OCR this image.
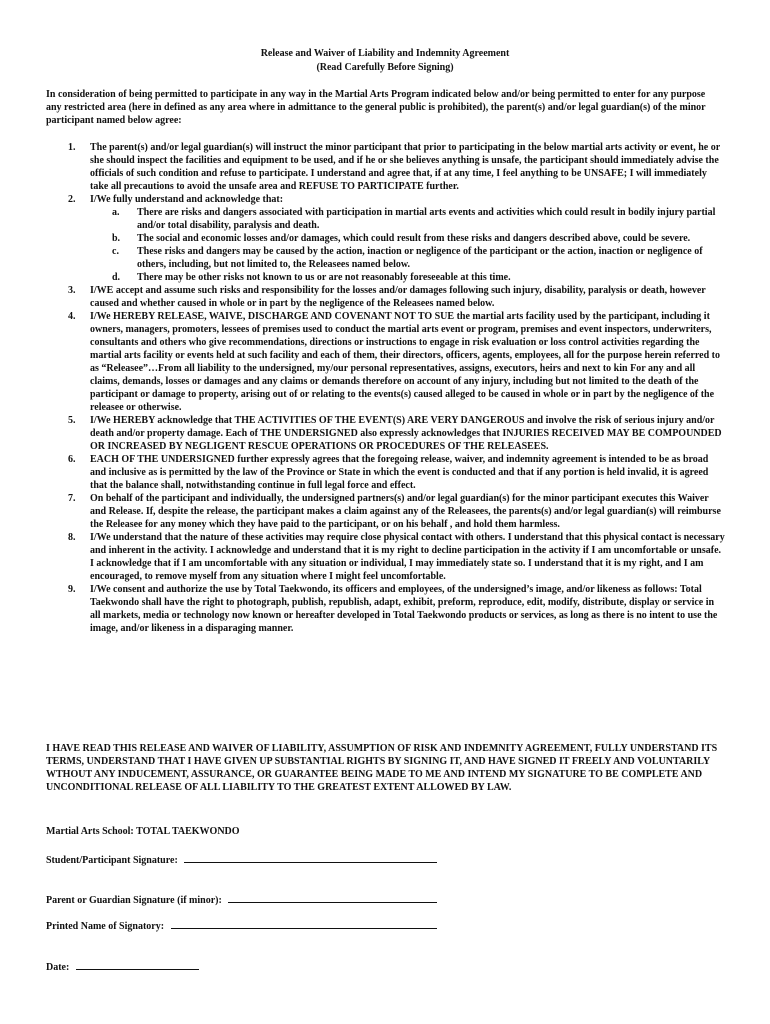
Release and Waiver of Liability and Indemnity Agreement
(Read Carefully Before Signing)
In consideration of being permitted to participate in any way in the Martial Arts Program indicated below and/or being permitted to enter for any purpose any restricted area (here in defined as any area where in admittance to the general public is prohibited), the parent(s) and/or legal guardian(s) of the minor participant named below agree:
1. The parent(s) and/or legal guardian(s) will instruct the minor participant that prior to participating in the below martial arts activity or event, he or she should inspect the facilities and equipment to be used, and if he or she believes anything is unsafe, the participant should immediately advise the officials of such condition and refuse to participate. I understand and agree that, if at any time, I feel anything to be UNSAFE; I will immediately take all precautions to avoid the unsafe area and REFUSE TO PARTICIPATE further.
2. I/We fully understand and acknowledge that:
a. There are risks and dangers associated with participation in martial arts events and activities which could result in bodily injury partial and/or total disability, paralysis and death.
b. The social and economic losses and/or damages, which could result from these risks and dangers described above, could be severe.
c. These risks and dangers may be caused by the action, inaction or negligence of the participant or the action, inaction or negligence of others, including, but not limited to, the Releasees named below.
d. There may be other risks not known to us or are not reasonably foreseeable at this time.
3. I/WE accept and assume such risks and responsibility for the losses and/or damages following such injury, disability, paralysis or death, however caused and whether caused in whole or in part by the negligence of the Releasees named below.
4. I/We HEREBY RELEASE, WAIVE, DISCHARGE AND COVENANT NOT TO SUE the martial arts facility used by the participant, including it owners, managers, promoters, lessees of premises used to conduct the martial arts event or program, premises and event inspectors, underwriters, consultants and others who give recommendations, directions or instructions to engage in risk evaluation or loss control activities regarding the martial arts facility or events held at such facility and each of them, their directors, officers, agents, employees, all for the purpose herein referred to as “Releasee”…From all liability to the undersigned, my/our personal representatives, assigns, executors, heirs and next to kin For any and all claims, demands, losses or damages and any claims or demands therefore on account of any injury, including but not limited to the death of the participant or damage to property, arising out of or relating to the events(s) caused alleged to be caused in whole or in part by the negligence of the releasee or otherwise.
5. I/We HEREBY acknowledge that THE ACTIVITIES OF THE EVENT(S) ARE VERY DANGEROUS and involve the risk of serious injury and/or death and/or property damage. Each of THE UNDERSIGNED also expressly acknowledges that INJURIES RECEIVED MAY BE COMPOUNDED OR INCREASED BY NEGLIGENT RESCUE OPERATIONS OR PROCEDURES OF THE RELEASEES.
6. EACH OF THE UNDERSIGNED further expressly agrees that the foregoing release, waiver, and indemnity agreement is intended to be as broad and inclusive as is permitted by the law of the Province or State in which the event is conducted and that if any portion is held invalid, it is agreed that the balance shall, notwithstanding continue in full legal force and effect.
7. On behalf of the participant and individually, the undersigned partners(s) and/or legal guardian(s) for the minor participant executes this Waiver and Release. If, despite the release, the participant makes a claim against any of the Releasees, the parents(s) and/or legal guardian(s) will reimburse the Releasee for any money which they have paid to the participant, or on his behalf , and hold them harmless.
8. I/We understand that the nature of these activities may require close physical contact with others. I understand that this physical contact is necessary and inherent in the activity. I acknowledge and understand that it is my right to decline participation in the activity if I am uncomfortable or unsafe. I acknowledge that if I am uncomfortable with any situation or individual, I may immediately state so. I understand that it is my right, and I am encouraged, to remove myself from any situation where I might feel uncomfortable.
9. I/We consent and authorize the use by Total Taekwondo, its officers and employees, of the undersigned’s image, and/or likeness as follows: Total Taekwondo shall have the right to photograph, publish, republish, adapt, exhibit, preform, reproduce, edit, modify, distribute, display or service in all markets, media or technology now known or hereafter developed in Total Taekwondo products or services, as long as there is no intent to use the image, and/or likeness in a disparaging manner.
I HAVE READ THIS RELEASE AND WAIVER OF LIABILITY, ASSUMPTION OF RISK AND INDEMNITY AGREEMENT, FULLY UNDERSTAND ITS TERMS, UNDERSTAND THAT I HAVE GIVEN UP SUBSTANTIAL RIGHTS BY SIGNING IT, AND HAVE SIGNED IT FREELY AND VOLUNTARILY WTHOUT ANY INDUCEMENT, ASSURANCE, OR GUARANTEE BEING MADE TO ME AND INTEND MY SIGNATURE TO BE COMPLETE AND UNCONDITIONAL RELEASE OF ALL LIABILITY TO THE GREATEST EXTENT ALLOWED BY LAW.
Martial Arts School: TOTAL TAEKWONDO
Student/Participant Signature:
Parent or Guardian Signature (if minor):
Printed Name of Signatory:
Date:
